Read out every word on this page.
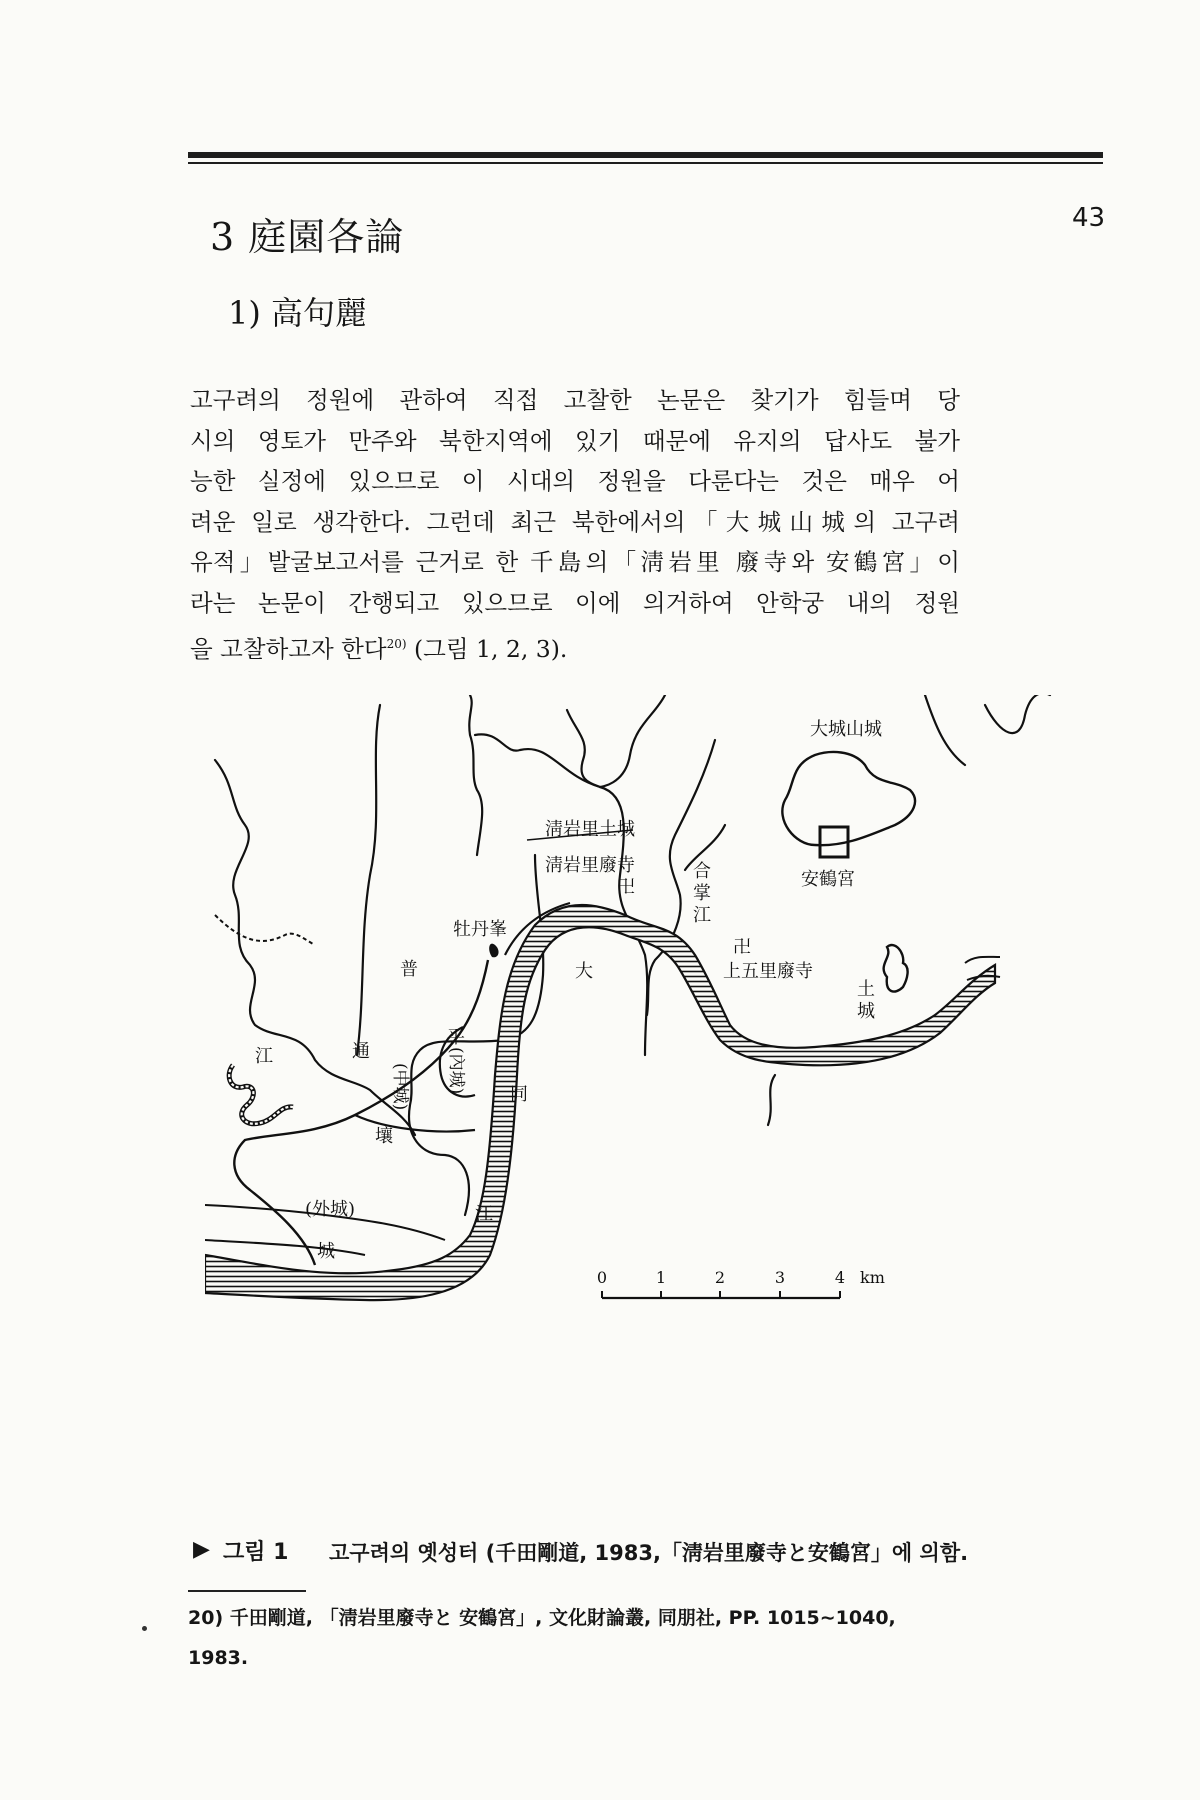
3 庭園各論	43
1) 高句麗
고구려의 정원에 관하여 직접 고찰한 논문은 찾기가 힘들며 당
시의 영토가 만주와 북한지역에 있기 때문에 유지의 답사도 불가
능한 실정에 있으므로 이 시대의 정원을 다룬다는 것은 매우 어
려운 일로 생각한다. 그런데 최근 북한에서의「大城山城의 고구려
유적」발굴보고서를 근거로 한 千島의「淸岩里 廢寺와 安鶴宮」이
라는 논문이 간행되고 있으므로 이에 의거하여 안학궁 내의 정원
을 고찰하고자 한다$^{20)}$ (그림 1, 2, 3).
大城山城
淸岩里土城
淸岩里廢寺
卍	安鶴宮
合
掌
江
牡丹峯
大
同
江
卍
上五里廢寺
土
城
普
通
江
平
壤
城
(內城)
(中城)
(外城)
0	1	2	3	4 km
▶ 그림 1 고구려의 옛성터 (千田剛道, 1983,「淸岩里廢寺と安鶴宮」에 의함.
20) 千田剛道, 「淸岩里廢寺と 安鶴宮」, 文化財論叢, 同朋社, PP. 1015∼1040,
1983.
